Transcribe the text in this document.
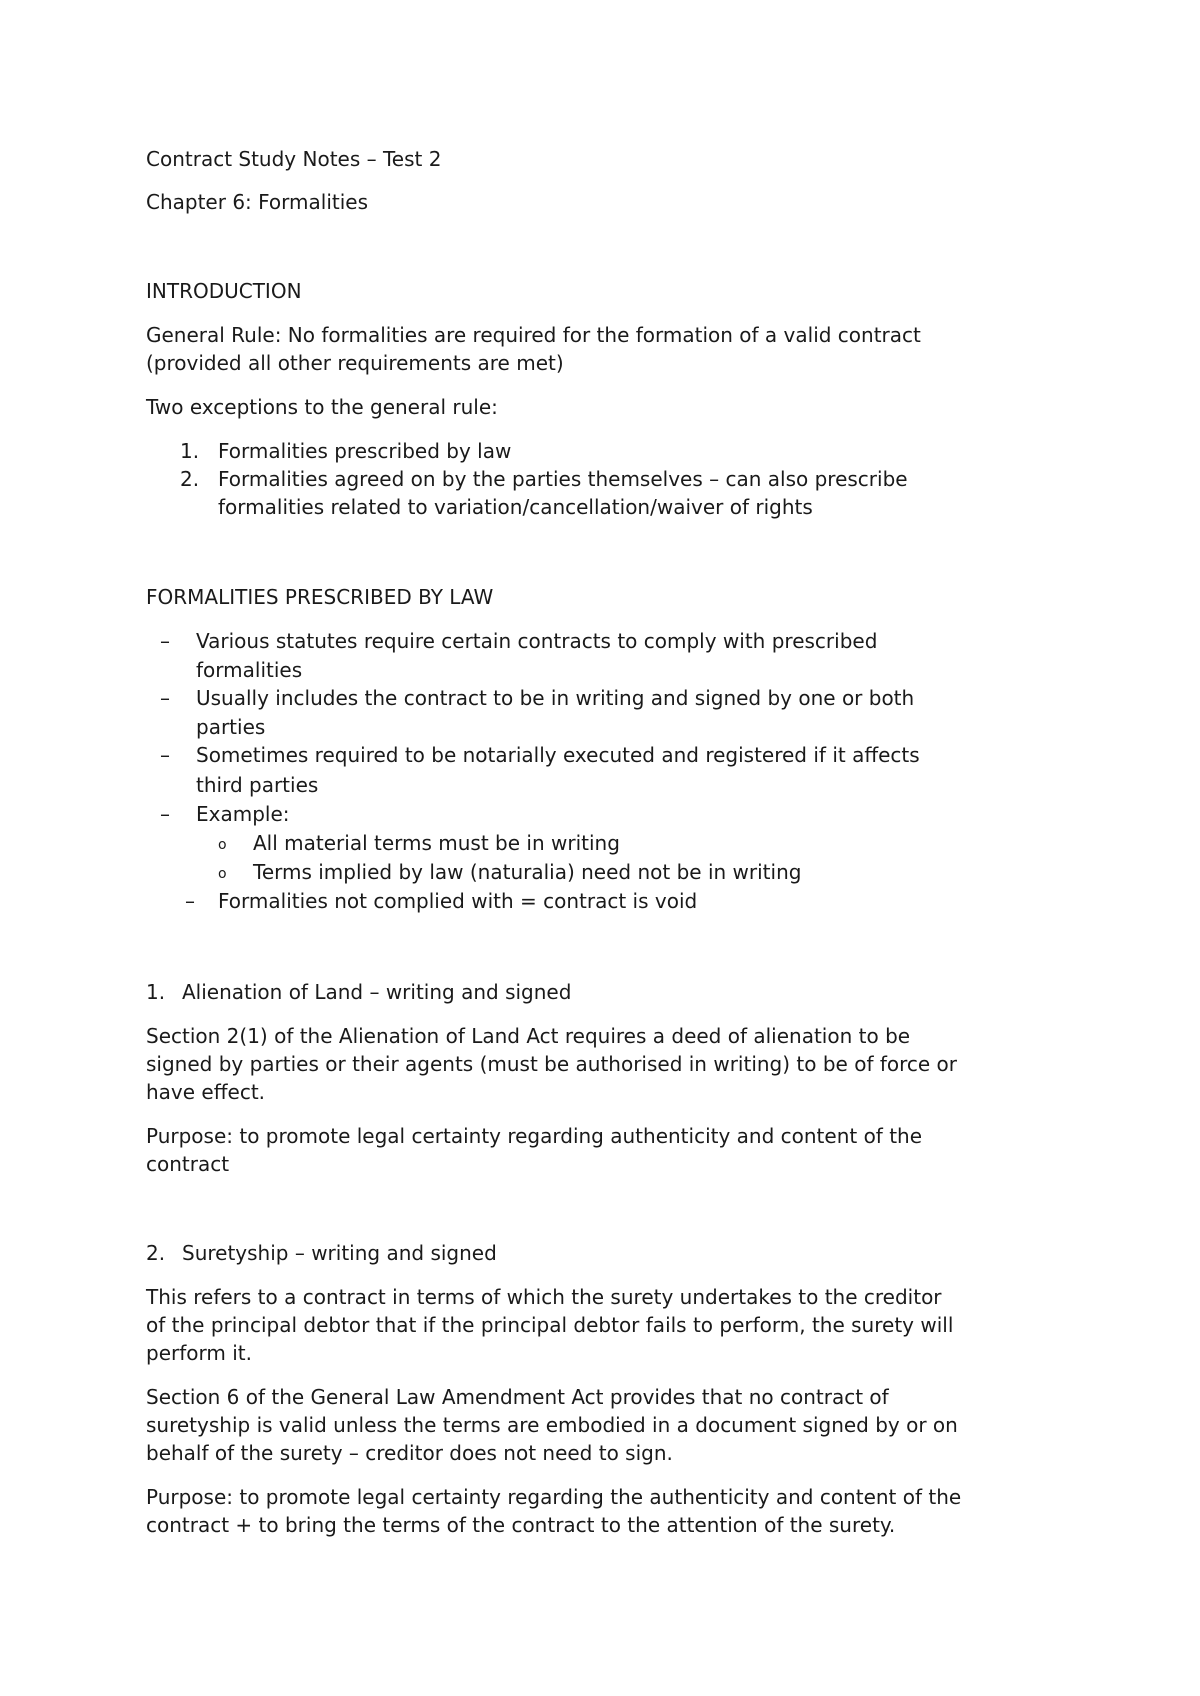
Contract Study Notes – Test 2

Chapter 6: Formalities

INTRODUCTION

General Rule: No formalities are required for the formation of a valid contract

(provided all other requirements are met)

Two exceptions to the general rule:

1. Formalities prescribed by law
2. Formalities agreed on by the parties themselves – can also prescribe
formalities related to variation/cancellation/waiver of rights

FORMALITIES PRESCRIBED BY LAW

– Various statutes require certain contracts to comply with prescribed
formalities
– Usually includes the contract to be in writing and signed by one or both
parties
– Sometimes required to be notarially executed and registered if it affects
third parties
– Example:
o All material terms must be in writing
o Terms implied by law (naturalia) need not be in writing
– Formalities not complied with = contract is void
1. Alienation of Land – writing and signed

Section 2(1) of the Alienation of Land Act requires a deed of alienation to be

signed by parties or their agents (must be authorised in writing) to be of force or

have effect.

Purpose: to promote legal certainty regarding authenticity and content of the

contract

2. Suretyship – writing and signed

This refers to a contract in terms of which the surety undertakes to the creditor

of the principal debtor that if the principal debtor fails to perform, the surety will

perform it.

Section 6 of the General Law Amendment Act provides that no contract of

suretyship is valid unless the terms are embodied in a document signed by or on

behalf of the surety – creditor does not need to sign.

Purpose: to promote legal certainty regarding the authenticity and content of the

contract + to bring the terms of the contract to the attention of the surety.
